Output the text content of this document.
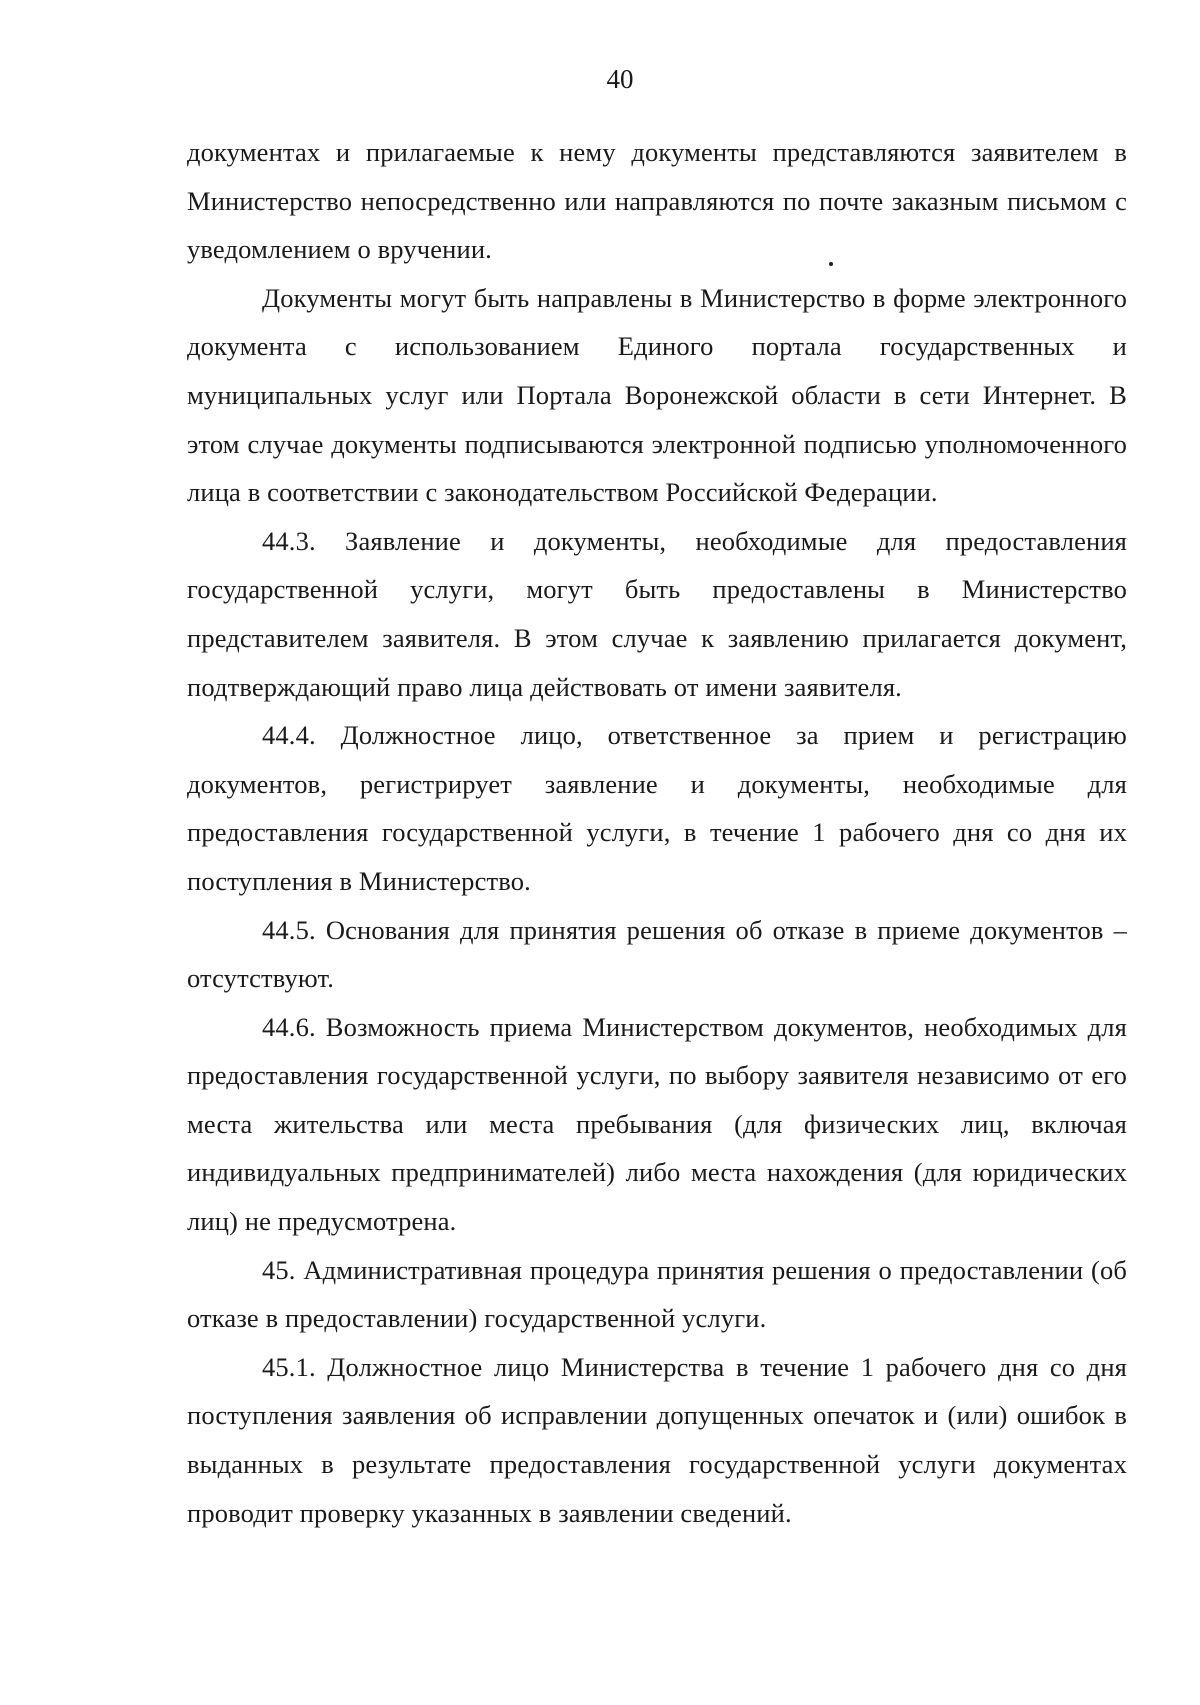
40

документах и прилагаемые к нему документы представляются заявителем в Министерство непосредственно или направляются по почте заказным письмом с уведомлением о вручении.

Документы могут быть направлены в Министерство в форме электронного документа с использованием Единого портала государственных и муниципальных услуг или Портала Воронежской области в сети Интернет. В этом случае документы подписываются электронной подписью уполномоченного лица в соответствии с законодательством Российской Федерации.

44.3. Заявление и документы, необходимые для предоставления государственной услуги, могут быть предоставлены в Министерство представителем заявителя. В этом случае к заявлению прилагается документ, подтверждающий право лица действовать от имени заявителя.

44.4. Должностное лицо, ответственное за прием и регистрацию документов, регистрирует заявление и документы, необходимые для предоставления государственной услуги, в течение 1 рабочего дня со дня их поступления в Министерство.

44.5. Основания для принятия решения об отказе в приеме документов – отсутствуют.

44.6. Возможность приема Министерством документов, необходимых для предоставления государственной услуги, по выбору заявителя независимо от его места жительства или места пребывания (для физических лиц, включая индивидуальных предпринимателей) либо места нахождения (для юридических лиц) не предусмотрена.

45. Административная процедура принятия решения о предоставлении (об отказе в предоставлении) государственной услуги.

45.1. Должностное лицо Министерства в течение 1 рабочего дня со дня поступления заявления об исправлении допущенных опечаток и (или) ошибок в выданных в результате предоставления государственной услуги документах проводит проверку указанных в заявлении сведений.
